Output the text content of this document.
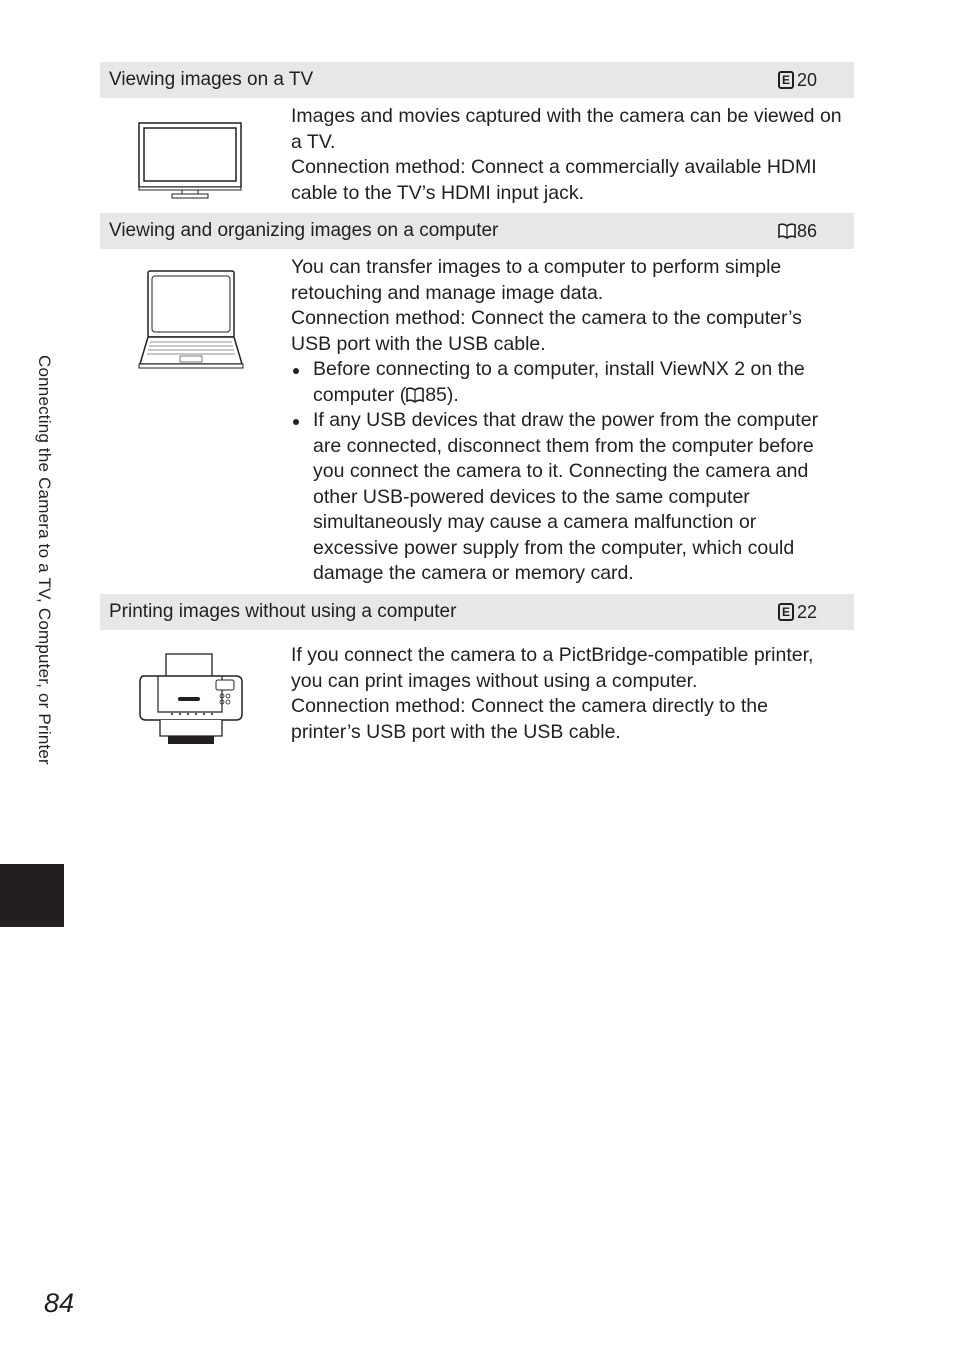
Connecting the Camera to a TV, Computer, or Printer
Viewing images on a TV	E 20

Images and movies captured with the camera can be viewed on a TV.

Connection method: Connect a commercially available HDMI cable to the TV’s HDMI input jack.

Viewing and organizing images on a computer	86

You can transfer images to a computer to perform simple retouching and manage image data.

Connection method: Connect the camera to the computer’s USB port with the USB cable.

Before connecting to a computer, install ViewNX 2 on the computer ( 85).
If any USB devices that draw the power from the computer are connected, disconnect them from the computer before you connect the camera to it. Connecting the camera and other USB-powered devices to the same computer simultaneously may cause a camera malfunction or excessive power supply from the computer, which could damage the camera or memory card.
Printing images without using a computer	E 22

If you connect the camera to a PictBridge-compatible printer, you can print images without using a computer.

Connection method: Connect the camera directly to the printer’s USB port with the USB cable.

84
